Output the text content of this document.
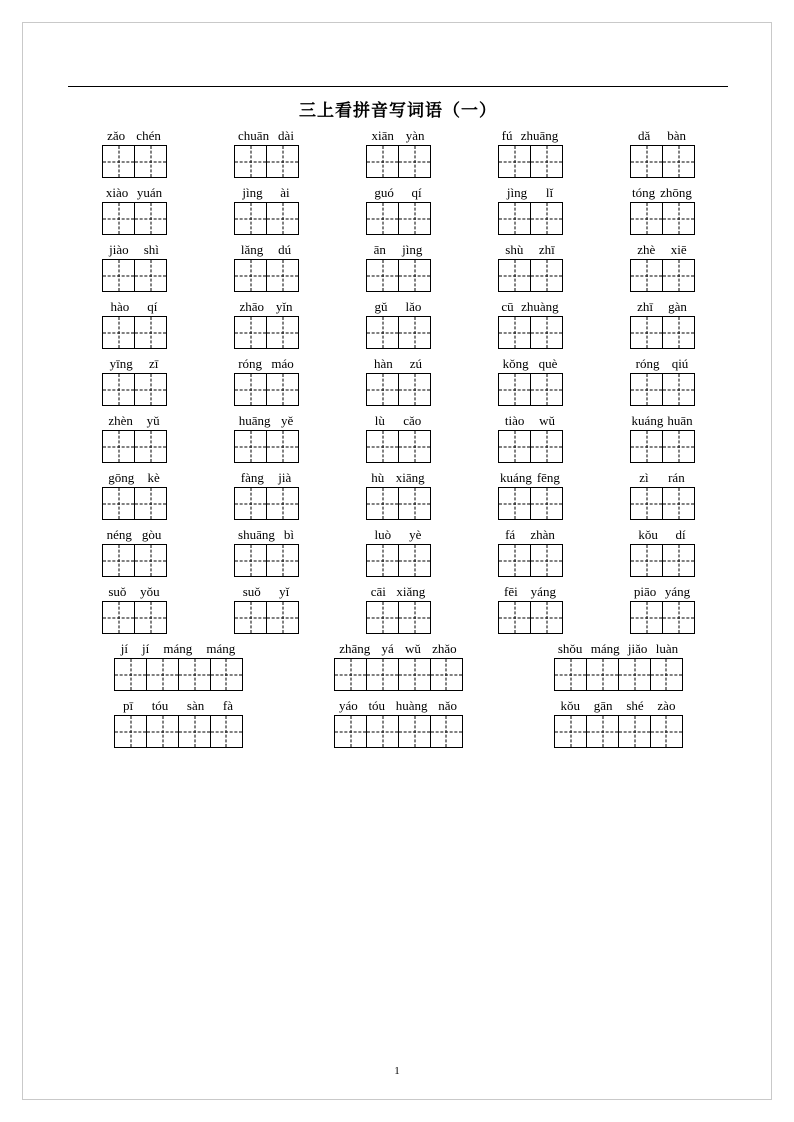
三上看拼音写词语（一）
zǎo chén	chuān dài	xiān yàn	fú zhuāng	dǎ bàn
xiào yuán	jìng ài	guó qí	jìng lǐ	tóng zhōng
jiào shì	lǎng dú	ān jìng	shù zhī	zhè xiē
hào qí	zhāo yǐn	gǔ lǎo	cū zhuàng	zhī gàn
yīng zī	róng máo	hàn zú	kǒng què	róng qiú
zhèn yǔ	huāng yě	lù cǎo	tiào wǔ	kuáng huān
gōng kè	fàng jià	hù xiāng	kuáng fēng	zì rán
néng gòu	shuāng bì	luò yè	fá zhàn	kǒu dí
suǒ yǒu	suǒ yǐ	cāi xiǎng	fēi yáng	piāo yáng
jí jí máng máng	zhāng yá wǔ zhǎo	shǒu máng jiǎo luàn
pī tóu sàn fà	yáo tóu huàng nǎo	kǒu gān shé zào
1
